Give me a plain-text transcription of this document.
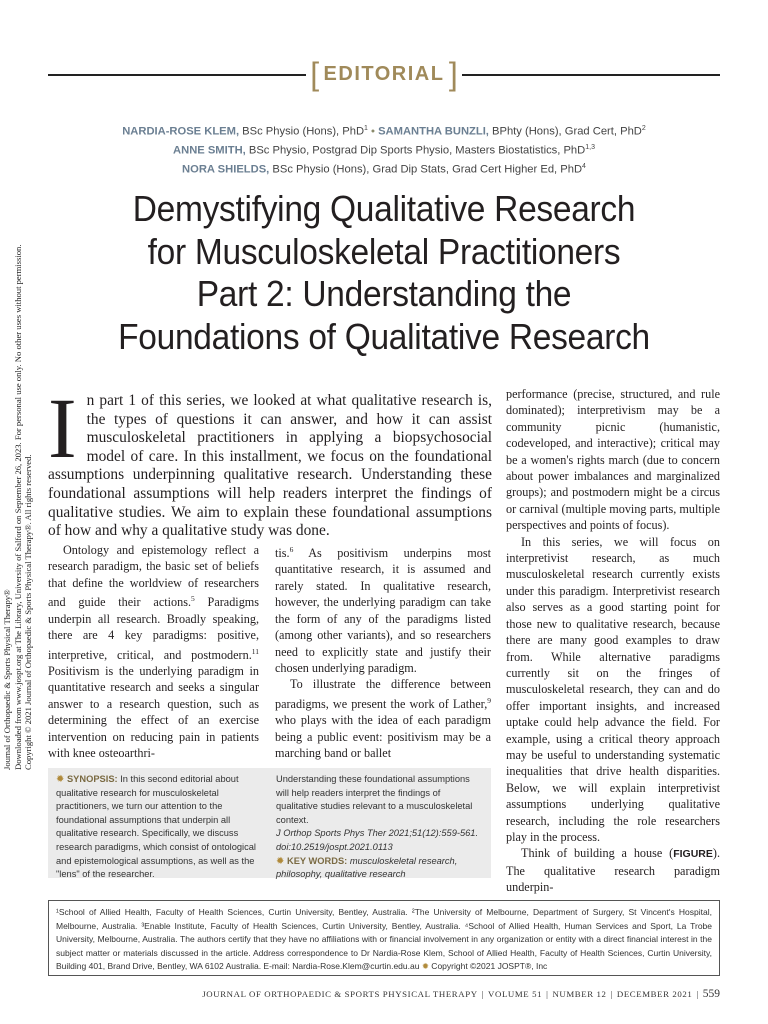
Journal of Orthopaedic & Sports Physical Therapy® Downloaded from www.jospt.org at The Library, University of Salford on September 26, 2023. For personal use only. No other uses without permission. Copyright © 2021 Journal of Orthopaedic & Sports Physical Therapy®. All rights reserved.
[ EDITORIAL ]
NARDIA-ROSE KLEM, BSc Physio (Hons), PhD$^1$ • SAMANTHA BUNZLI, BPhty (Hons), Grad Cert, PhD$^2$
ANNE SMITH, BSc Physio, Postgrad Dip Sports Physio, Masters Biostatistics, PhD$^{1,3}$
NORA SHIELDS, BSc Physio (Hons), Grad Dip Stats, Grad Cert Higher Ed, PhD$^4$
Demystifying Qualitative Research
for Musculoskeletal Practitioners
Part 2: Understanding the
Foundations of Qualitative Research
In part 1 of this series, we looked at what qualitative research is, the types of questions it can answer, and how it can assist musculoskeletal practitioners in applying a biopsychosocial model of care. In this installment, we focus on the foundational assumptions underpinning qualitative research. Understanding these foundational assumptions will help readers interpret the findings of qualitative studies. We aim to explain these foundational assumptions of how and why a qualitative study was done.

Ontology and epistemology reflect a research paradigm, the basic set of beliefs that define the worldview of researchers and guide their actions.$^5$ Paradigms underpin all research. Broadly speaking, there are 4 key paradigms: positive, interpretive, critical, and postmodern.$^{11}$ Positivism is the underlying paradigm in quantitative research and seeks a singular answer to a research question, such as determining the effect of an exercise intervention on reducing pain in patients with knee osteoarthri-

tis.$^6$ As positivism underpins most quantitative research, it is assumed and rarely stated. In qualitative research, however, the underlying paradigm can take the form of any of the paradigms listed (among other variants), and so researchers need to explicitly state and justify their chosen underlying paradigm.

To illustrate the difference between paradigms, we present the work of Lather,$^9$ who plays with the idea of each paradigm being a public event: positivism may be a marching band or ballet

performance (precise, structured, and rule dominated); interpretivism may be a community picnic (humanistic, codeveloped, and interactive); critical may be a women's rights march (due to concern about power imbalances and marginalized groups); and postmodern might be a circus or carnival (multiple moving parts, multiple perspectives and points of focus).

In this series, we will focus on interpretivist research, as much musculoskeletal research currently exists under this paradigm. Interpretivist research also serves as a good starting point for those new to qualitative research, because there are many good examples to draw from. While alternative paradigms currently sit on the fringes of musculoskeletal research, they can and do offer important insights, and increased uptake could help advance the field. For example, using a critical theory approach may be useful to understanding systematic inequalities that drive health disparities. Below, we will explain interpretivist assumptions underlying qualitative research, including the role researchers play in the process.

Think of building a house (FIGURE). The qualitative research paradigm underpin-

✹ SYNOPSIS: In this second editorial about qualitative research for musculoskeletal practitioners, we turn our attention to the foundational assumptions that underpin all qualitative research. Specifically, we discuss research paradigms, which consist of ontological and epistemological assumptions, as well as the "lens" of the researcher.
Understanding these foundational assumptions will help readers interpret the findings of qualitative studies relevant to a musculoskeletal context.
J Orthop Sports Phys Ther 2021;51(12):559-561. doi:10.2519/jospt.2021.0113
✹ KEY WORDS: musculoskeletal research, philosophy, qualitative research
¹School of Allied Health, Faculty of Health Sciences, Curtin University, Bentley, Australia. ²The University of Melbourne, Department of Surgery, St Vincent's Hospital, Melbourne, Australia. ³Enable Institute, Faculty of Health Sciences, Curtin University, Bentley, Australia. ⁴School of Allied Health, Human Services and Sport, La Trobe University, Melbourne, Australia. The authors certify that they have no affiliations with or financial involvement in any organization or entity with a direct financial interest in the subject matter or materials discussed in the article. Address correspondence to Dr Nardia-Rose Klem, School of Allied Health, Faculty of Health Sciences, Curtin University, Building 401, Brand Drive, Bentley, WA 6102 Australia. E-mail: Nardia-Rose.Klem@curtin.edu.au ✹ Copyright ©2021 JOSPT®, Inc
JOURNAL OF ORTHOPAEDIC & SPORTS PHYSICAL THERAPY | VOLUME 51 | NUMBER 12 | DECEMBER 2021 | 559
